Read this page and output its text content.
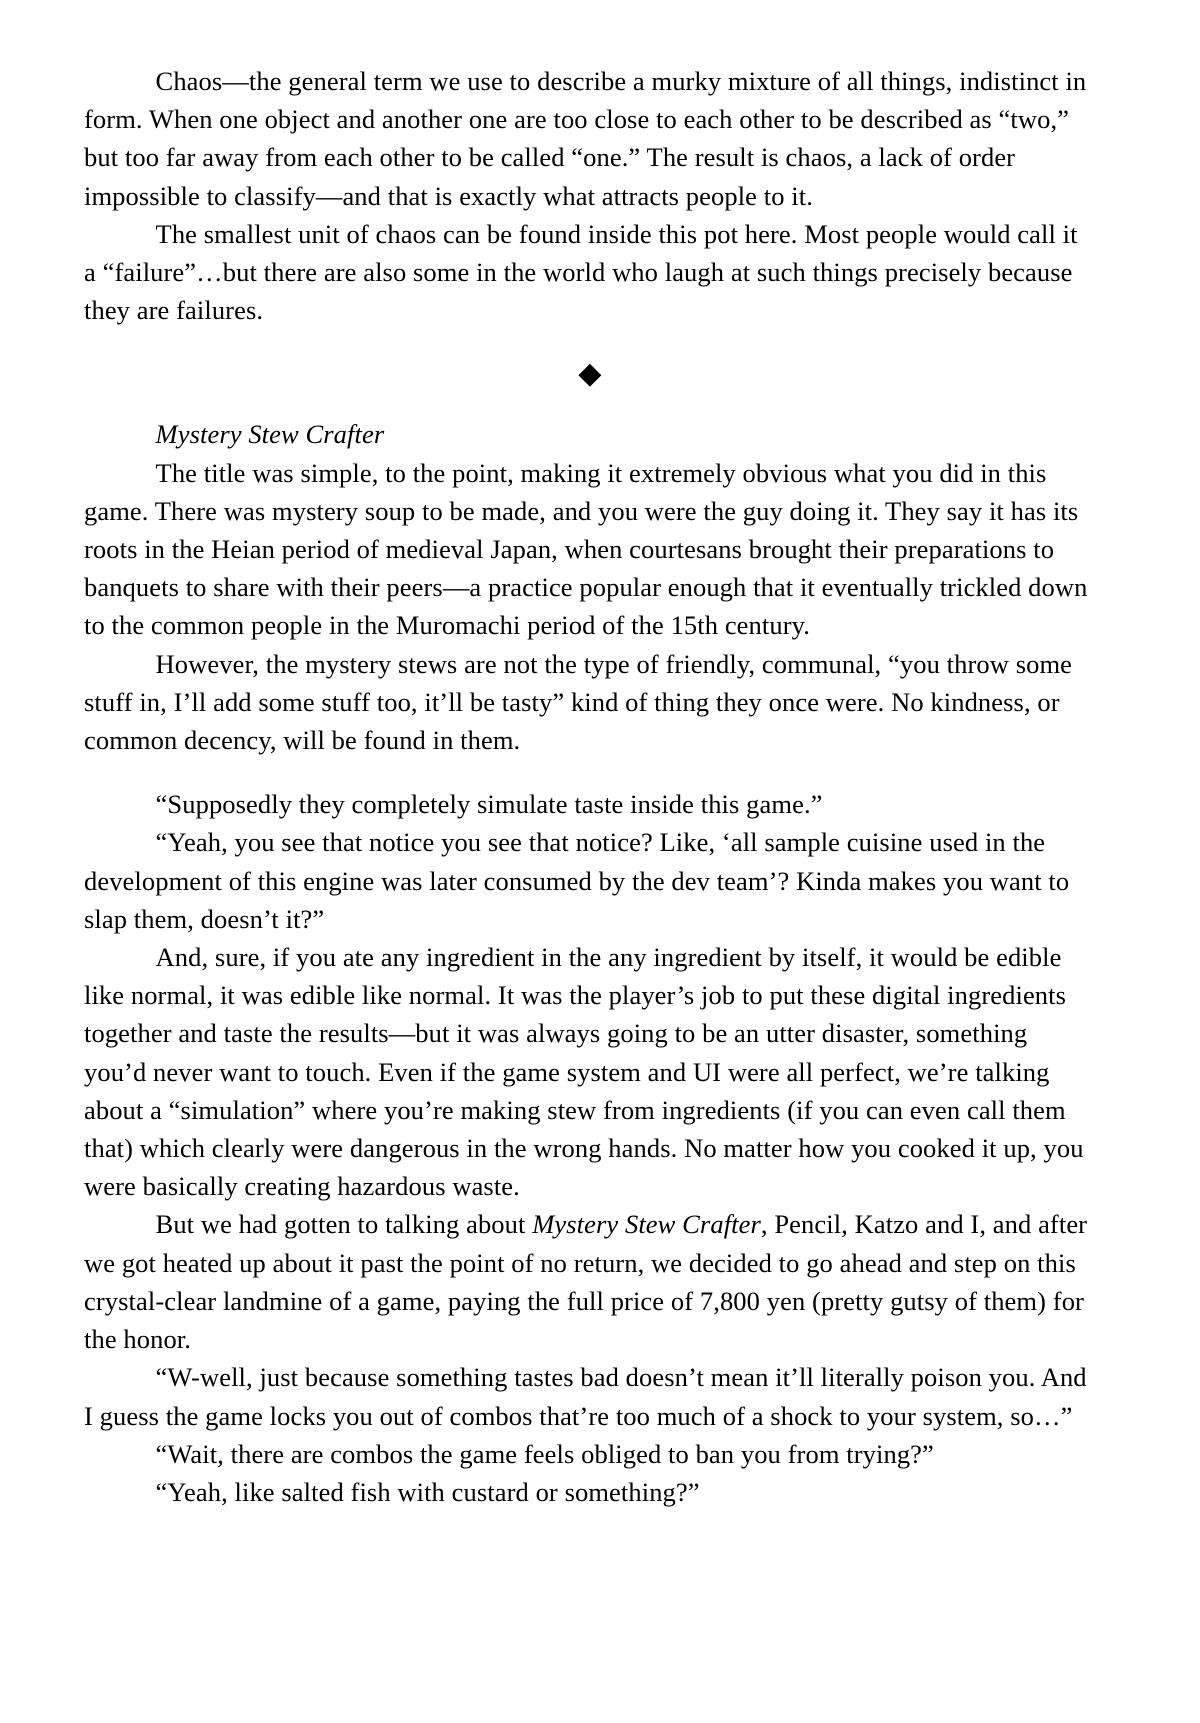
Chaos—the general term we use to describe a murky mixture of all things, indistinct in form. When one object and another one are too close to each other to be described as “two,” but too far away from each other to be called “one.” The result is chaos, a lack of order impossible to classify—and that is exactly what attracts people to it.

The smallest unit of chaos can be found inside this pot here. Most people would call it a “failure”…but there are also some in the world who laugh at such things precisely because they are failures.

◆

Mystery Stew Crafter

The title was simple, to the point, making it extremely obvious what you did in this game. There was mystery soup to be made, and you were the guy doing it. They say it has its roots in the Heian period of medieval Japan, when courtesans brought their preparations to banquets to share with their peers—a practice popular enough that it eventually trickled down to the common people in the Muromachi period of the 15th century.

However, the mystery stews are not the type of friendly, communal, “you throw some stuff in, I’ll add some stuff too, it’ll be tasty” kind of thing they once were. No kindness, or common decency, will be found in them.

“Supposedly they completely simulate taste inside this game.”

“Yeah, you see that notice you see that notice? Like, ‘all sample cuisine used in the development of this engine was later consumed by the dev team’? Kinda makes you want to slap them, doesn’t it?”

And, sure, if you ate any ingredient in the any ingredient by itself, it would be edible like normal, it was edible like normal. It was the player’s job to put these digital ingredients together and taste the results—but it was always going to be an utter disaster, something you’d never want to touch. Even if the game system and UI were all perfect, we’re talking about a “simulation” where you’re making stew from ingredients (if you can even call them that) which clearly were dangerous in the wrong hands. No matter how you cooked it up, you were basically creating hazardous waste.

But we had gotten to talking about Mystery Stew Crafter, Pencil, Katzo and I, and after we got heated up about it past the point of no return, we decided to go ahead and step on this crystal-clear landmine of a game, paying the full price of 7,800 yen (pretty gutsy of them) for the honor.

“W-well, just because something tastes bad doesn’t mean it’ll literally poison you. And I guess the game locks you out of combos that’re too much of a shock to your system, so…”

“Wait, there are combos the game feels obliged to ban you from trying?”

“Yeah, like salted fish with custard or something?”
